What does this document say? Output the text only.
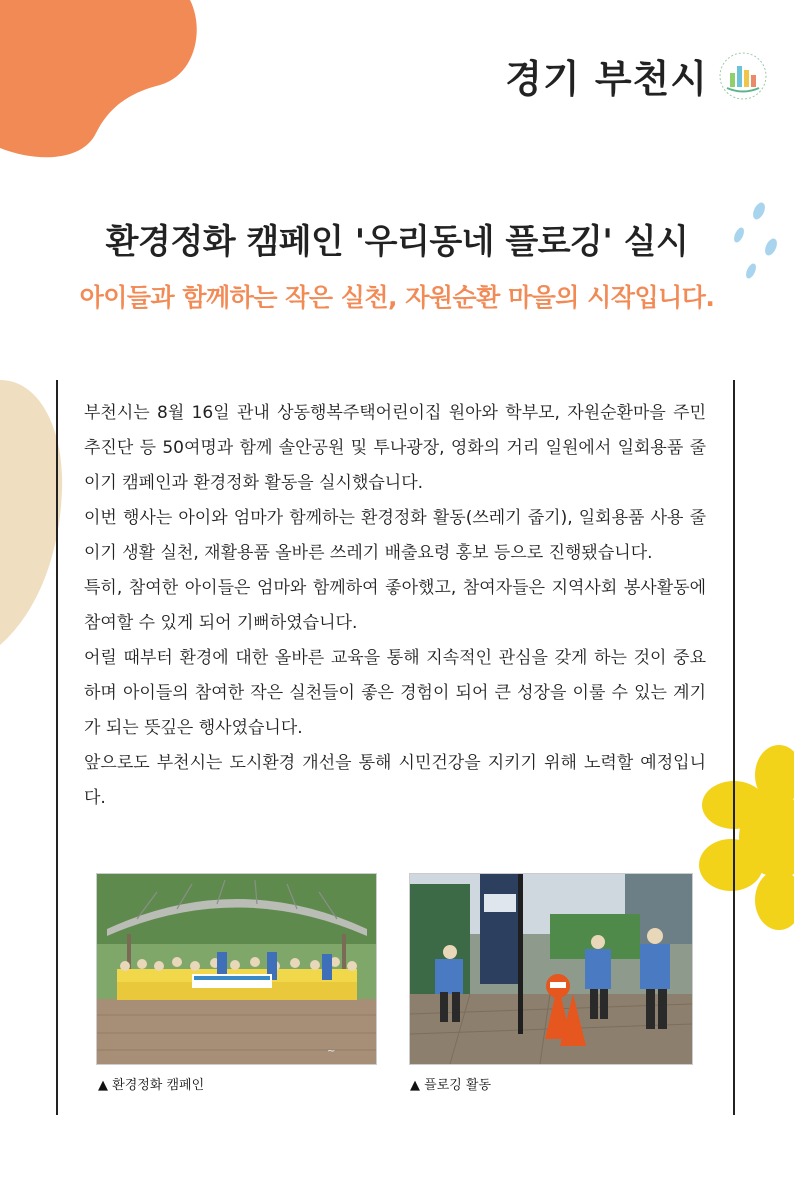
경기 부천시
환경정화 캠페인 '우리동네 플로깅' 실시
아이들과 함께하는 작은 실천, 자원순환 마을의 시작입니다.

부천시는 8월 16일 관내 상동행복주택어린이집 원아와 학부모, 자원순환마을 주민추진단 등 50여명과 함께 솔안공원 및 투나광장, 영화의 거리 일원에서 일회용품 줄이기 캠페인과 환경정화 활동을 실시했습니다.

이번 행사는 아이와 엄마가 함께하는 환경정화 활동(쓰레기 줍기), 일회용품 사용 줄이기 생활 실천, 재활용품 올바른 쓰레기 배출요령 홍보 등으로 진행됐습니다.

특히, 참여한 아이들은 엄마와 함께하여 좋아했고, 참여자들은 지역사회 봉사활동에 참여할 수 있게 되어 기뻐하였습니다.

어릴 때부터 환경에 대한 올바른 교육을 통해 지속적인 관심을 갖게 하는 것이 중요하며 아이들의 참여한 작은 실천들이 좋은 경험이 되어 큰 성장을 이룰 수 있는 계기가 되는 뜻깊은 행사였습니다.

앞으로도 부천시는 도시환경 개선을 통해 시민건강을 지키기 위해 노력할 예정입니다.

~
▲ 환경정화 캠페인	▲ 플로깅 활동
